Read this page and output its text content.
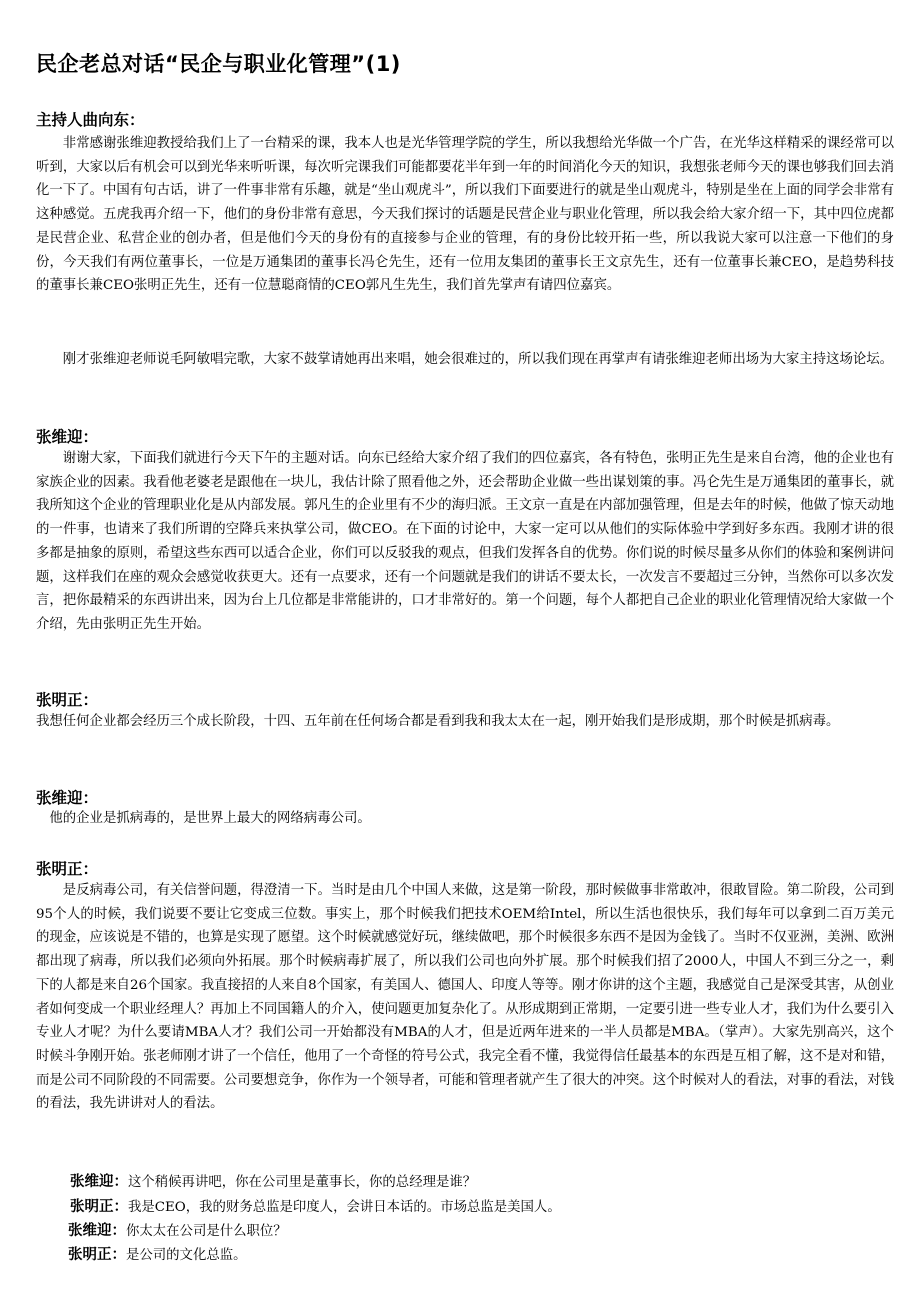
民企老总对话“民企与职业化管理”(1)

主持人曲向东：

非常感谢张维迎教授给我们上了一台精采的课，我本人也是光华管理学院的学生，所以我想给光华做一个广告，在光华这样精采的课经常可以听到，大家以后有机会可以到光华来听听课，每次听完课我们可能都要花半年到一年的时间消化今天的知识，我想张老师今天的课也够我们回去消化一下了。中国有句古话，讲了一件事非常有乐趣，就是“坐山观虎斗”，所以我们下面要进行的就是坐山观虎斗，特别是坐在上面的同学会非常有这种感觉。五虎我再介绍一下，他们的身份非常有意思，今天我们探讨的话题是民营企业与职业化管理，所以我会给大家介绍一下，其中四位虎都是民营企业、私营企业的创办者，但是他们今天的身份有的直接参与企业的管理，有的身份比较开拓一些，所以我说大家可以注意一下他们的身份，今天我们有两位董事长，一位是万通集团的董事长冯仑先生，还有一位用友集团的董事长王文京先生，还有一位董事长兼CEO，是趋势科技的董事长兼CEO张明正先生，还有一位慧聪商情的CEO郭凡生先生，我们首先掌声有请四位嘉宾。

刚才张维迎老师说毛阿敏唱完歌，大家不鼓掌请她再出来唱，她会很难过的，所以我们现在再掌声有请张维迎老师出场为大家主持这场论坛。

张维迎：

谢谢大家，下面我们就进行今天下午的主题对话。向东已经给大家介绍了我们的四位嘉宾，各有特色，张明正先生是来自台湾，他的企业也有家族企业的因素。我看他老婆老是跟他在一块儿，我估计除了照看他之外，还会帮助企业做一些出谋划策的事。冯仑先生是万通集团的董事长，就我所知这个企业的管理职业化是从内部发展。郭凡生的企业里有不少的海归派。王文京一直是在内部加强管理，但是去年的时候，他做了惊天动地的一件事，也请来了我们所谓的空降兵来执掌公司，做CEO。在下面的讨论中，大家一定可以从他们的实际体验中学到好多东西。我刚才讲的很多都是抽象的原则，希望这些东西可以适合企业，你们可以反驳我的观点，但我们发挥各自的优势。你们说的时候尽量多从你们的体验和案例讲问题，这样我们在座的观众会感觉收获更大。还有一点要求，还有一个问题就是我们的讲话不要太长，一次发言不要超过三分钟，当然你可以多次发言，把你最精采的东西讲出来，因为台上几位都是非常能讲的，口才非常好的。第一个问题，每个人都把自己企业的职业化管理情况给大家做一个介绍，先由张明正先生开始。

张明正：

我想任何企业都会经历三个成长阶段，十四、五年前在任何场合都是看到我和我太太在一起，刚开始我们是形成期，那个时候是抓病毒。

张维迎：

他的企业是抓病毒的，是世界上最大的网络病毒公司。

张明正：

是反病毒公司，有关信誉问题，得澄清一下。当时是由几个中国人来做，这是第一阶段，那时候做事非常敢冲，很敢冒险。第二阶段，公司到95个人的时候，我们说要不要让它变成三位数。事实上，那个时候我们把技术OEM给Intel，所以生活也很快乐，我们每年可以拿到二百万美元的现金，应该说是不错的，也算是实现了愿望。这个时候就感觉好玩，继续做吧，那个时候很多东西不是因为金钱了。当时不仅亚洲，美洲、欧洲都出现了病毒，所以我们必须向外拓展。那个时候病毒扩展了，所以我们公司也向外扩展。那个时候我们招了2000人，中国人不到三分之一，剩下的人都是来自26个国家。我直接招的人来自8个国家，有美国人、德国人、印度人等等。刚才你讲的这个主题，我感觉自己是深受其害，从创业者如何变成一个职业经理人？再加上不同国籍人的介入，使问题更加复杂化了。从形成期到正常期，一定要引进一些专业人才，我们为什么要引入专业人才呢？为什么要请MBA人才？我们公司一开始都没有MBA的人才，但是近两年进来的一半人员都是MBA。（掌声）。大家先别高兴，这个时候斗争刚开始。张老师刚才讲了一个信任，他用了一个奇怪的符号公式，我完全看不懂，我觉得信任最基本的东西是互相了解，这不是对和错，而是公司不同阶段的不同需要。公司要想竞争，你作为一个领导者，可能和管理者就产生了很大的冲突。这个时候对人的看法，对事的看法，对钱的看法，我先讲讲对人的看法。

张维迎：这个稍候再讲吧，你在公司里是董事长，你的总经理是谁？

张明正：我是CEO，我的财务总监是印度人，会讲日本话的。市场总监是美国人。

张维迎：你太太在公司是什么职位？

张明正：是公司的文化总监。
